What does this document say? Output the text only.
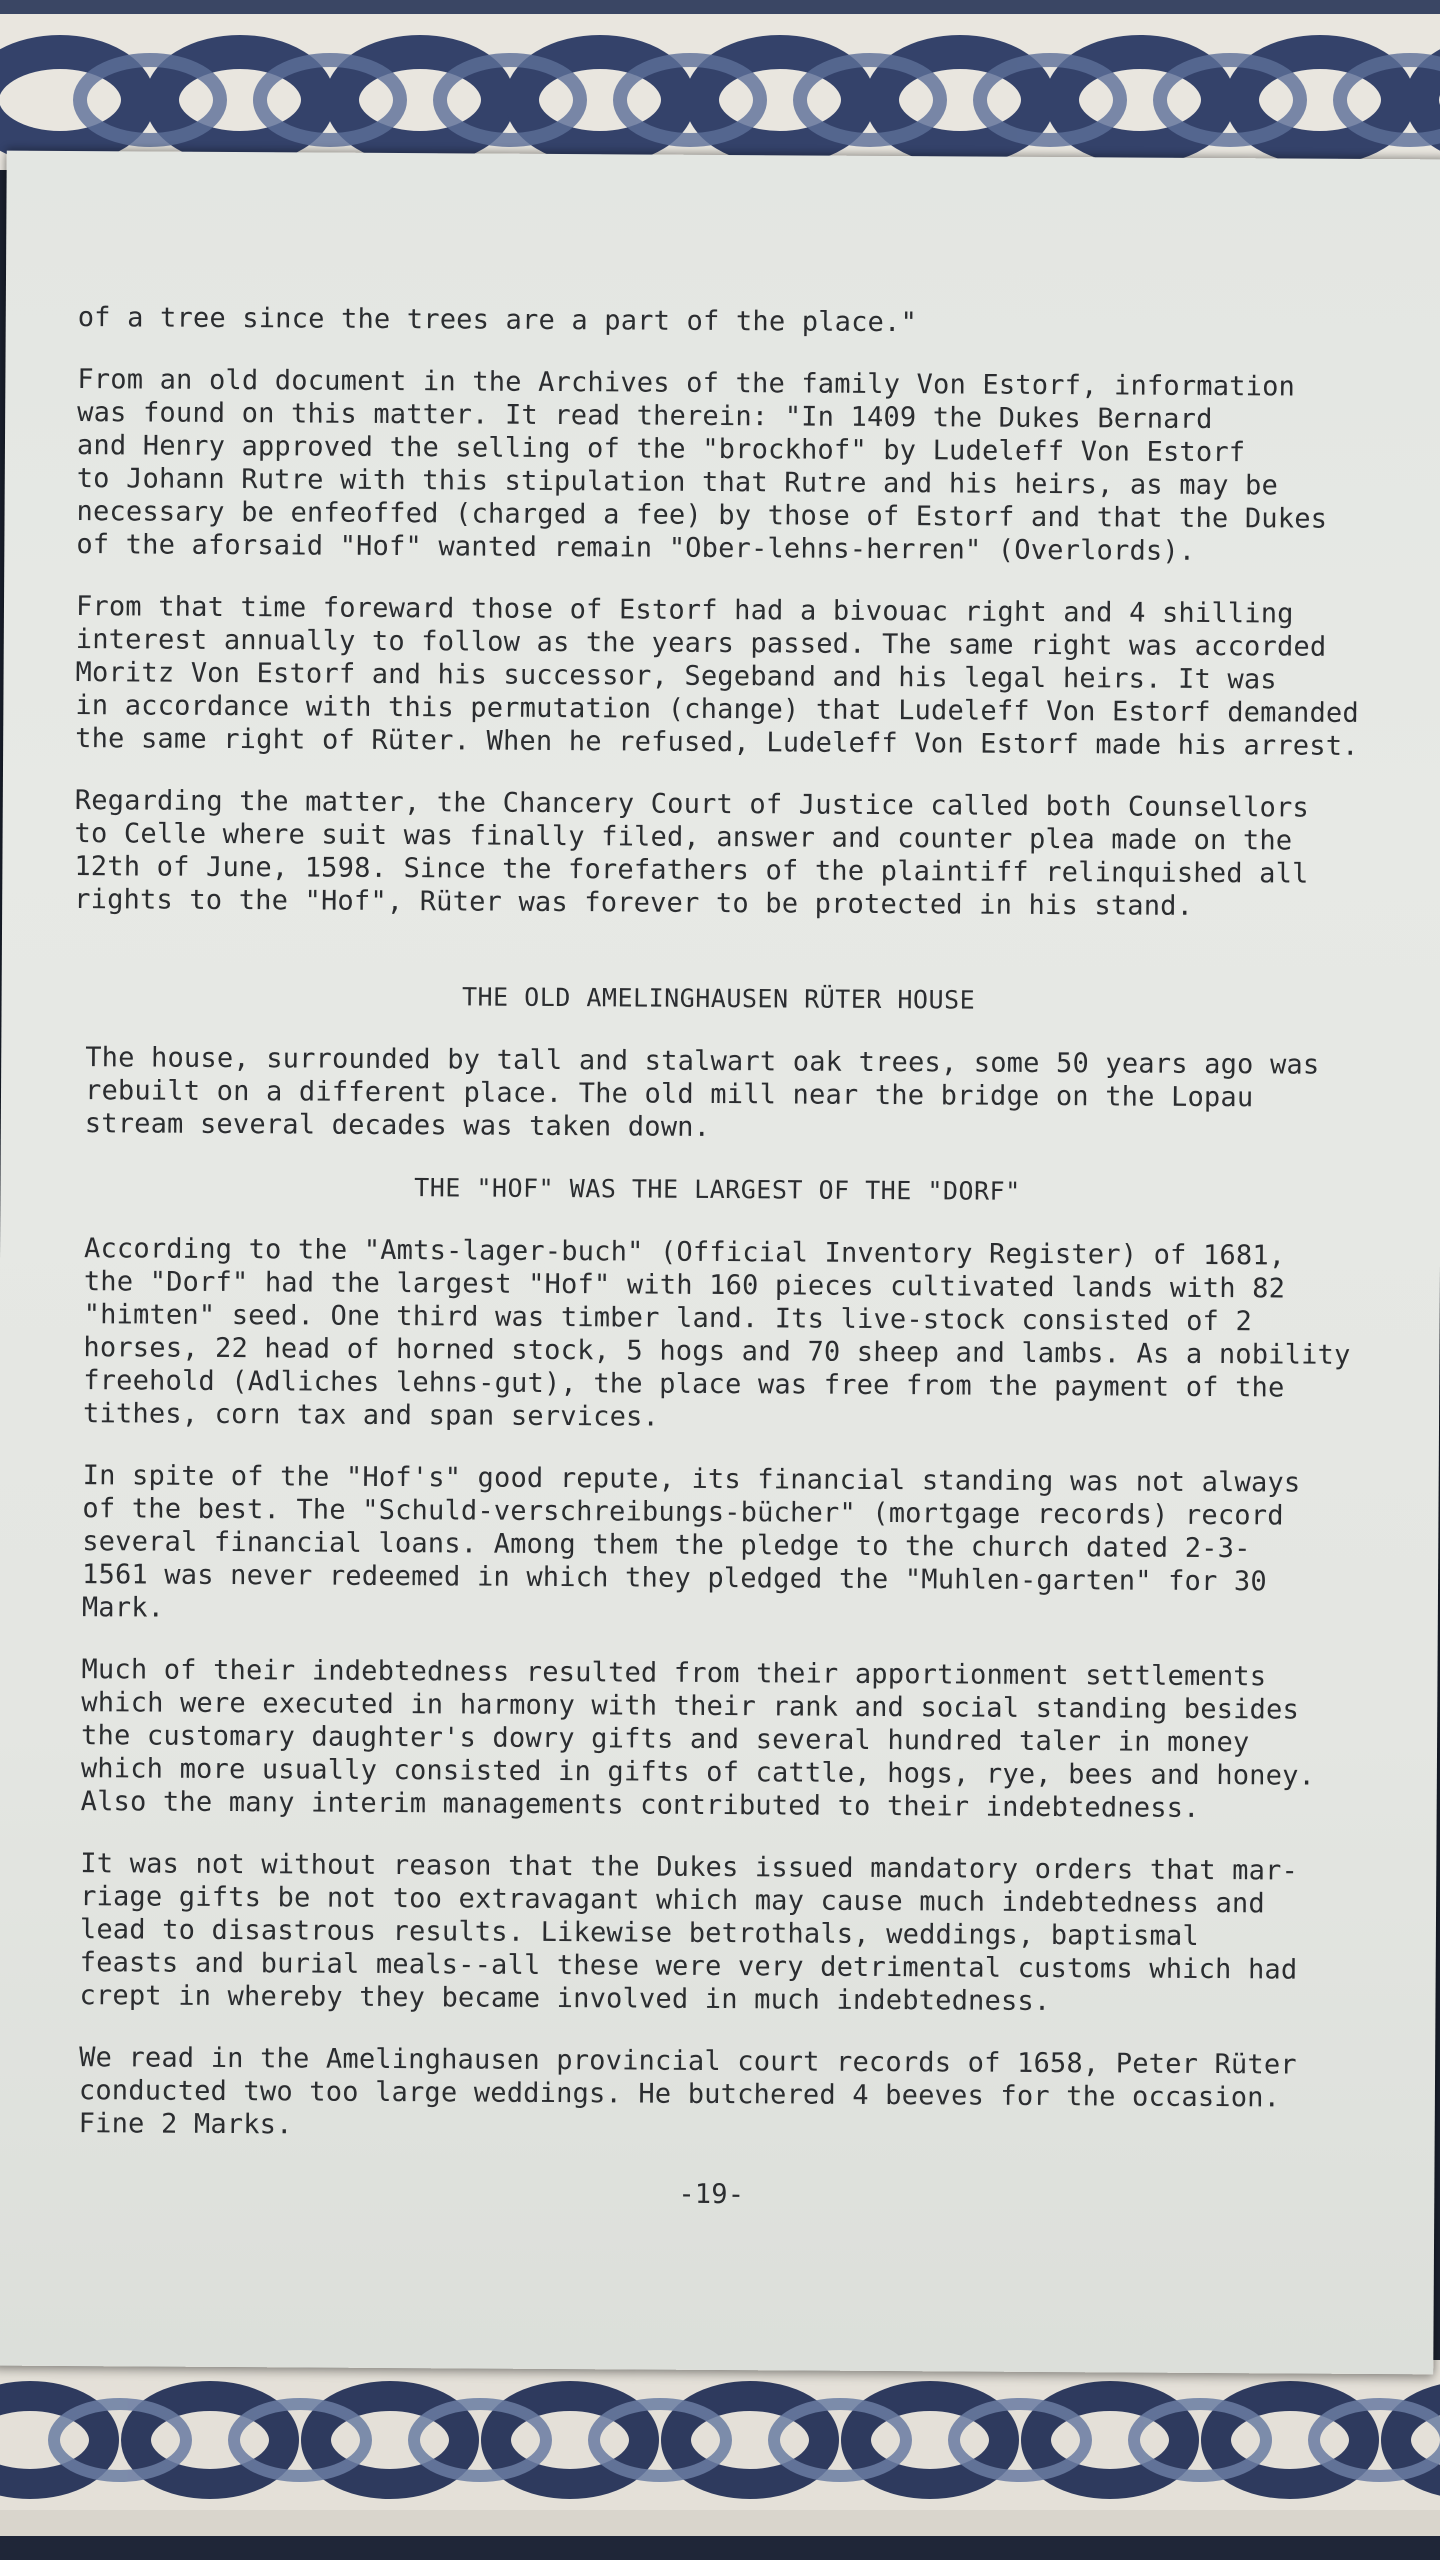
of a tree since the trees are a part of the place."

From an old document in the Archives of the family Von Estorf, information
was found on this matter. It read therein: "In 1409 the Dukes Bernard
and Henry approved the selling of the "brockhof" by Ludeleff Von Estorf
to Johann Rutre with this stipulation that Rutre and his heirs, as may be
necessary be enfeoffed (charged a fee) by those of Estorf and that the Dukes
of the aforsaid "Hof" wanted remain "Ober-lehns-herren" (Overlords).

From that time foreward those of Estorf had a bivouac right and 4 shilling
interest annually to follow as the years passed. The same right was accorded
Moritz Von Estorf and his successor, Segeband and his legal heirs. It was
in accordance with this permutation (change) that Ludeleff Von Estorf demanded
the same right of Rüter. When he refused, Ludeleff Von Estorf made his arrest.

Regarding the matter, the Chancery Court of Justice called both Counsellors
to Celle where suit was finally filed, answer and counter plea made on the
12th of June, 1598. Since the forefathers of the plaintiff relinquished all
rights to the "Hof", Rüter was forever to be protected in his stand.

THE OLD AMELINGHAUSEN RÜTER HOUSE

The house, surrounded by tall and stalwart oak trees, some 50 years ago was
rebuilt on a different place. The old mill near the bridge on the Lopau
stream several decades was taken down.

THE "HOF" WAS THE LARGEST OF THE "DORF"

According to the "Amts-lager-buch" (Official Inventory Register) of 1681,
the "Dorf" had the largest "Hof" with 160 pieces cultivated lands with 82
"himten" seed. One third was timber land. Its live-stock consisted of 2
horses, 22 head of horned stock, 5 hogs and 70 sheep and lambs. As a nobility
freehold (Adliches lehns-gut), the place was free from the payment of the
tithes, corn tax and span services.

In spite of the "Hof's" good repute, its financial standing was not always
of the best. The "Schuld-verschreibungs-bücher" (mortgage records) record
several financial loans. Among them the pledge to the church dated 2-3-
1561 was never redeemed in which they pledged the "Muhlen-garten" for 30
Mark.

Much of their indebtedness resulted from their apportionment settlements
which were executed in harmony with their rank and social standing besides
the customary daughter's dowry gifts and several hundred taler in money
which more usually consisted in gifts of cattle, hogs, rye, bees and honey.
Also the many interim managements contributed to their indebtedness.

It was not without reason that the Dukes issued mandatory orders that mar-
riage gifts be not too extravagant which may cause much indebtedness and
lead to disastrous results. Likewise betrothals, weddings, baptismal
feasts and burial meals--all these were very detrimental customs which had
crept in whereby they became involved in much indebtedness.

We read in the Amelinghausen provincial court records of 1658, Peter Rüter
conducted two too large weddings. He butchered 4 beeves for the occasion.
Fine 2 Marks.

-19-
